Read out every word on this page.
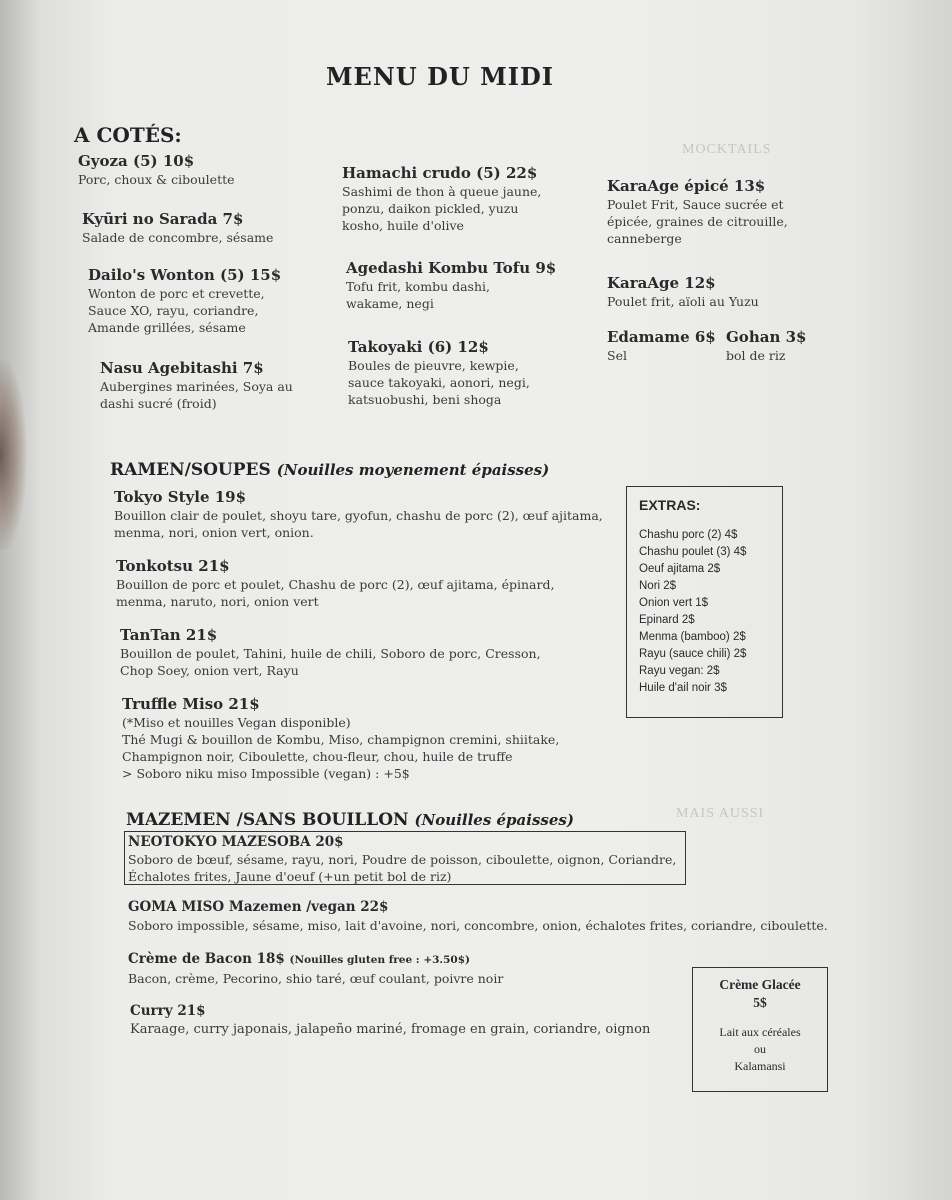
MOCKTAILS
MAIS AUSSI
MENU DU MIDI
A COTÉS:
Gyoza (5) 10$
Porc, choux & ciboulette
Kyūri no Sarada 7$
Salade de concombre, sésame
Dailo's Wonton (5) 15$
Wonton de porc et crevette,
Sauce XO, rayu, coriandre,
Amande grillées, sésame
Nasu Agebitashi 7$
Aubergines marinées, Soya au
dashi sucré (froid)
Hamachi crudo (5) 22$
Sashimi de thon à queue jaune,
ponzu, daikon pickled, yuzu
kosho, huile d'olive
Agedashi Kombu Tofu 9$
Tofu frit, kombu dashi,
wakame, negi
Takoyaki (6) 12$
Boules de pieuvre, kewpie,
sauce takoyaki, aonori, negi,
katsuobushi, beni shoga
KaraAge épicé 13$
Poulet Frit, Sauce sucrée et
épicée, graines de citrouille,
canneberge
KaraAge 12$
Poulet frit, aïoli au Yuzu
Edamame 6$
Sel
Gohan 3$
bol de riz
RAMEN/SOUPES (Nouilles moyenement épaisses)
Tokyo Style 19$
Bouillon clair de poulet, shoyu tare, gyofun, chashu de porc (2), œuf ajitama,
menma, nori, onion vert, onion.
Tonkotsu 21$
Bouillon de porc et poulet, Chashu de porc (2), œuf ajitama, épinard,
menma, naruto, nori, onion vert
TanTan 21$
Bouillon de poulet, Tahini, huile de chili, Soboro de porc, Cresson,
Chop Soey, onion vert, Rayu
Truffle Miso 21$
(*Miso et nouilles Vegan disponible)
Thé Mugi & bouillon de Kombu, Miso, champignon cremini, shiitake,
Champignon noir, Ciboulette, chou-fleur, chou, huile de truffe
> Soboro niku miso Impossible (vegan) : +5$
EXTRAS:
Chashu porc (2) 4$
Chashu poulet (3) 4$
Oeuf ajitama 2$
Nori 2$
Onion vert 1$
Epinard 2$
Menma (bamboo) 2$
Rayu (sauce chili) 2$
Rayu vegan: 2$
Huile d'ail noir 3$
MAZEMEN /SANS BOUILLON (Nouilles épaisses)
NEOTOKYO MAZESOBA 20$
Soboro de bœuf, sésame, rayu, nori, Poudre de poisson, ciboulette, oignon, Coriandre,
Échalotes frites, Jaune d'oeuf (+un petit bol de riz)
GOMA MISO Mazemen /vegan 22$
Soboro impossible, sésame, miso, lait d'avoine, nori, concombre, onion, échalotes frites, coriandre, ciboulette.
Crème de Bacon 18$ (Nouilles gluten free : +3.50$)
Bacon, crème, Pecorino, shio taré, œuf coulant, poivre noir
Curry 21$
Karaage, curry japonais, jalapeño mariné, fromage en grain, coriandre, oignon
Crème Glacée
5$
Lait aux céréales
ou
Kalamansi
